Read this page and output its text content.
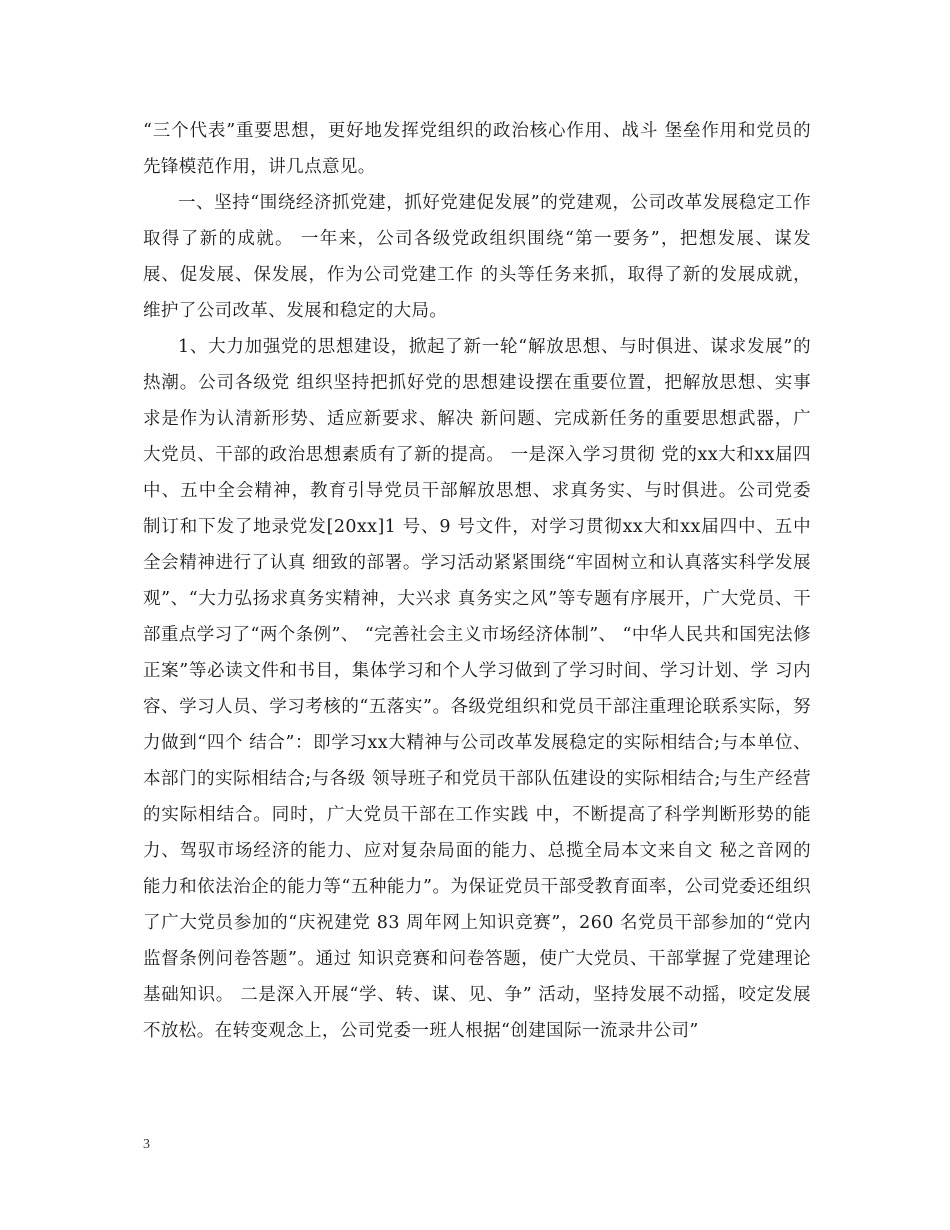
“三个代表”重要思想，更好地发挥党组织的政治核心作用、战斗 堡垒作用和党员的先锋模范作用，讲几点意见。

一、坚持“围绕经济抓党建，抓好党建促发展”的党建观，公司改革发展稳定工作取得了新的成就。 一年来，公司各级党政组织围绕“第一要务”，把想发展、谋发展、促发展、保发展，作为公司党建工作 的头等任务来抓，取得了新的发展成就，维护了公司改革、发展和稳定的大局。

1、大力加强党的思想建设，掀起了新一轮“解放思想、与时俱进、谋求发展”的热潮。公司各级党 组织坚持把抓好党的思想建设摆在重要位置，把解放思想、实事求是作为认清新形势、适应新要求、解决 新问题、完成新任务的重要思想武器，广大党员、干部的政治思想素质有了新的提高。 一是深入学习贯彻 党的xx大和xx届四中、五中全会精神，教育引导党员干部解放思想、求真务实、与时俱进。公司党委 制订和下发了地录党发[20xx]1 号、9 号文件，对学习贯彻xx大和xx届四中、五中全会精神进行了认真 细致的部署。学习活动紧紧围绕“牢固树立和认真落实科学发展观”、“大力弘扬求真务实精神，大兴求 真务实之风”等专题有序展开，广大党员、干部重点学习了“两个条例”、 “完善社会主义市场经济体制”、 “中华人民共和国宪法修正案”等必读文件和书目，集体学习和个人学习做到了学习时间、学习计划、学 习内容、学习人员、学习考核的“五落实”。各级党组织和党员干部注重理论联系实际，努力做到“四个 结合”：即学习xx大精神与公司改革发展稳定的实际相结合;与本单位、本部门的实际相结合;与各级 领导班子和党员干部队伍建设的实际相结合;与生产经营的实际相结合。同时，广大党员干部在工作实践 中，不断提高了科学判断形势的能力、驾驭市场经济的能力、应对复杂局面的能力、总揽全局本文来自文 秘之音网的能力和依法治企的能力等“五种能力”。为保证党员干部受教育面率，公司党委还组织了广大党员参加的“庆祝建党 83 周年网上知识竞赛”，260 名党员干部参加的“党内监督条例问卷答题”。通过 知识竞赛和问卷答题，使广大党员、干部掌握了党建理论基础知识。 二是深入开展“学、转、谋、见、争” 活动，坚持发展不动摇，咬定发展不放松。在转变观念上，公司党委一班人根据“创建国际一流录井公司”

3
